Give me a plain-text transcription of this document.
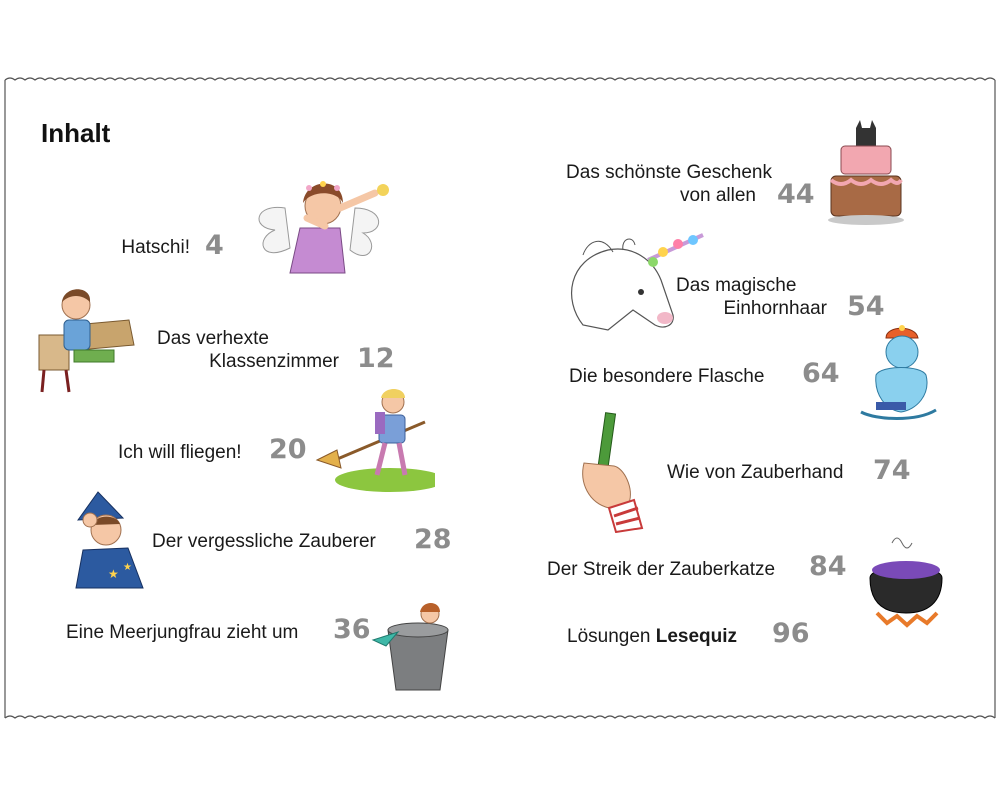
Inhalt
Hatschi! 4
Das verhexte
Klassenzimmer 12
Ich will fliegen! 20
Der vergessliche Zauberer 28
Eine Meerjungfrau zieht um 36
Das schönste Geschenk
von allen 44
Das magische
Einhornhaar 54
Die besondere Flasche 64
Wie von Zauberhand 74
Der Streik der Zauberkatze 84
Lösungen Lesequiz 96
★ ★
